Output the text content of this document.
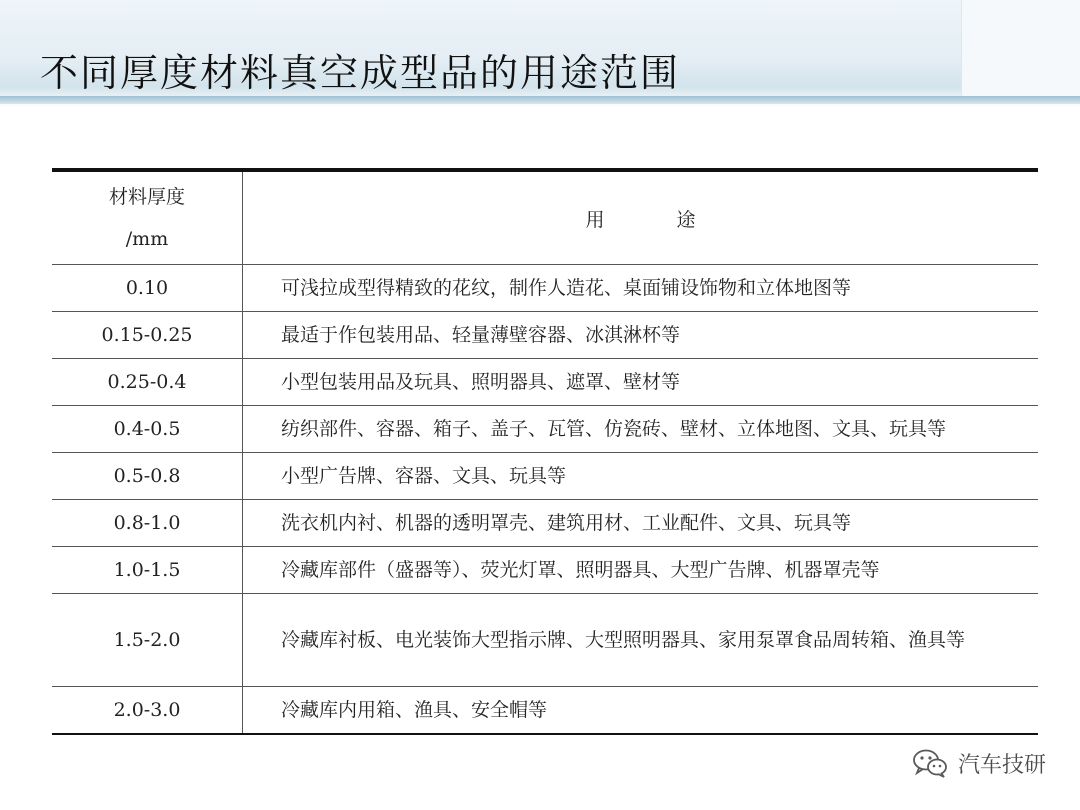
不同厚度材料真空成型品的用途范围
材料厚度
/mm	用 途
0.10	可浅拉成型得精致的花纹，制作人造花、桌面铺设饰物和立体地图等
0.15-0.25	最适于作包装用品、轻量薄壁容器、冰淇淋杯等
0.25-0.4	小型包装用品及玩具、照明器具、遮罩、壁材等
0.4-0.5	纺织部件、容器、箱子、盖子、瓦管、仿瓷砖、壁材、立体地图、文具、玩具等
0.5-0.8	小型广告牌、容器、文具、玩具等
0.8-1.0	洗衣机内衬、机器的透明罩壳、建筑用材、工业配件、文具、玩具等
1.0-1.5	冷藏库部件（盛器等）、荧光灯罩、照明器具、大型广告牌、机器罩壳等
1.5-2.0	冷藏库衬板、电光装饰大型指示牌、大型照明器具、家用泵罩食品周转箱、渔具等

2.0-3.0	冷藏库内用箱、渔具、安全帽等
汽车技研
